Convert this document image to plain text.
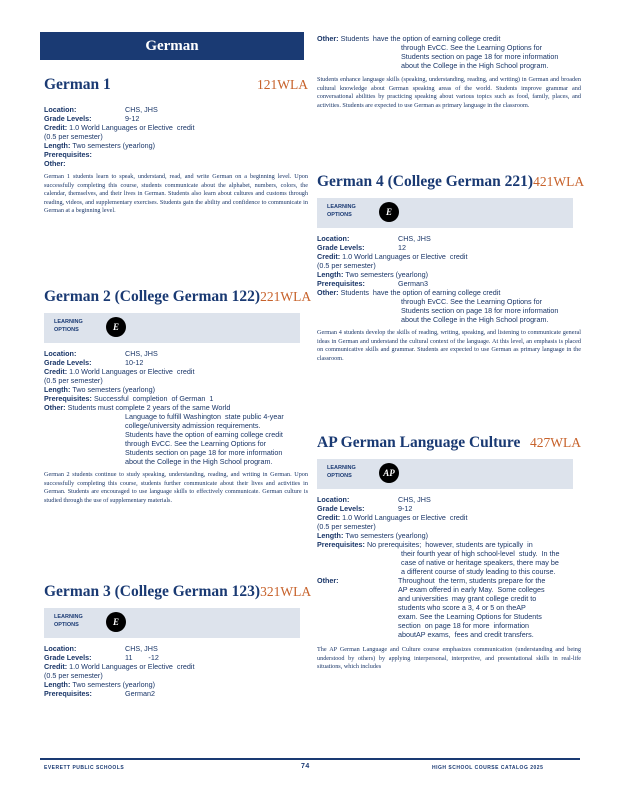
German
German 1	121WLA
Location:	CHS, JHS
Grade Levels:	9-12
Credit:
1.0 World Languages or Elective  credit
(0.5 per semester)
Length:
Two semesters (yearlong)
Prerequisites:
Other:
German 1 students learn to speak, understand, read, and write German on a beginning level. Upon successfully completing this course, students communicate about the alphabet, numbers, colors, the calendar, themselves, and their lives in German. Students also learn about cultures and customs through reading, videos, and supplementary exercises. Students gain the ability and confidence to communicate in German at a beginning level.
German 2 (College German 122) 221WLA
LEARNING OPTIONS	E
Location:	CHS, JHS
Grade Levels:	10-12
Credit:
1.0 World Languages or Elective  credit
(0.5 per semester)
Length:
Two semesters (yearlong)
Prerequisites:
Successful  completion  of German  1
Other:
Students must complete 2 years of the same World
Language to fulfill Washington  state public 4-year
college/university admission requirements.
Students have the option of earning college credit
through EvCC. See the Learning Options for
Students section on page 18 for more information
about the College in the High School program.
German 2 students continue to study speaking, understanding, reading, and writing in German. Upon successfully completing this course, students further communicate about their lives and activities in German. Students are encouraged to use language skills to effectively communicate. German culture is studied through the use of supplementary materials.
German 3 (College German 123) 321WLA
LEARNING OPTIONS	E
Location:	CHS, JHS
Grade Levels:	11        -12
Credit:
1.0 World Languages or Elective  credit
(0.5 per semester)
Length:
Two semesters (yearlong)
Prerequisites:	German2
Other:
Students  have the option of earning college credit
through EvCC. See the Learning Options for
Students section on page 18 for more information
about the College in the High School program.
Students enhance language skills (speaking, understanding, reading, and writing) in German and broaden cultural knowledge about German speaking areas of the world. Students improve grammar and conversational abilities by practicing speaking about various topics such as food, family, places, and activities. Students are expected to use German as primary language in the classroom.
German 4 (College German 221) 421WLA
LEARNING OPTIONS	E
Location:	CHS, JHS
Grade Levels:	12
Credit:
1.0 World Languages or Elective  credit
(0.5 per semester)
Length:
Two semesters (yearlong)
Prerequisites:	German3
Other:
Students  have the option of earning college credit
through EvCC. See the Learning Options for
Students section on page 18 for more information
about the College in the High School program.
German 4 students develop the skills of reading, writing, speaking, and listening to communicate general ideas in German and understand the cultural context of the language. At this level, an emphasis is placed on communicative skills and grammar. Students are expected to use German as primary language in the classroom.
AP German Language Culture 427WLA
LEARNING OPTIONS	AP
Location:	CHS, JHS
Grade Levels:	9-12
Credit:
1.0 World Languages or Elective  credit
(0.5 per semester)
Length:
Two semesters (yearlong)
Prerequisites:
No prerequisites;  however, students are typically  in
their fourth year of high school-level  study.  In the
case of native or heritage speakers, there may be
a different course of study leading to this course.
Other:	Throughout  the term, students prepare for the
AP exam offered in early May.  Some colleges
and universities  may grant college credit to
students who score a 3, 4 or 5 on theAP
exam. See the Learning Options for Students
section  on page 18 for more  information
aboutAP exams,  fees and credit transfers.
The AP German Language and Culture course emphasizes communication (understanding and being understood by others) by applying interpersonal, interpretive, and presentational skills in real-life situations, which includes
EVERETT PUBLIC SCHOOLS	74	HIGH SCHOOL COURSE CATALOG 2025
